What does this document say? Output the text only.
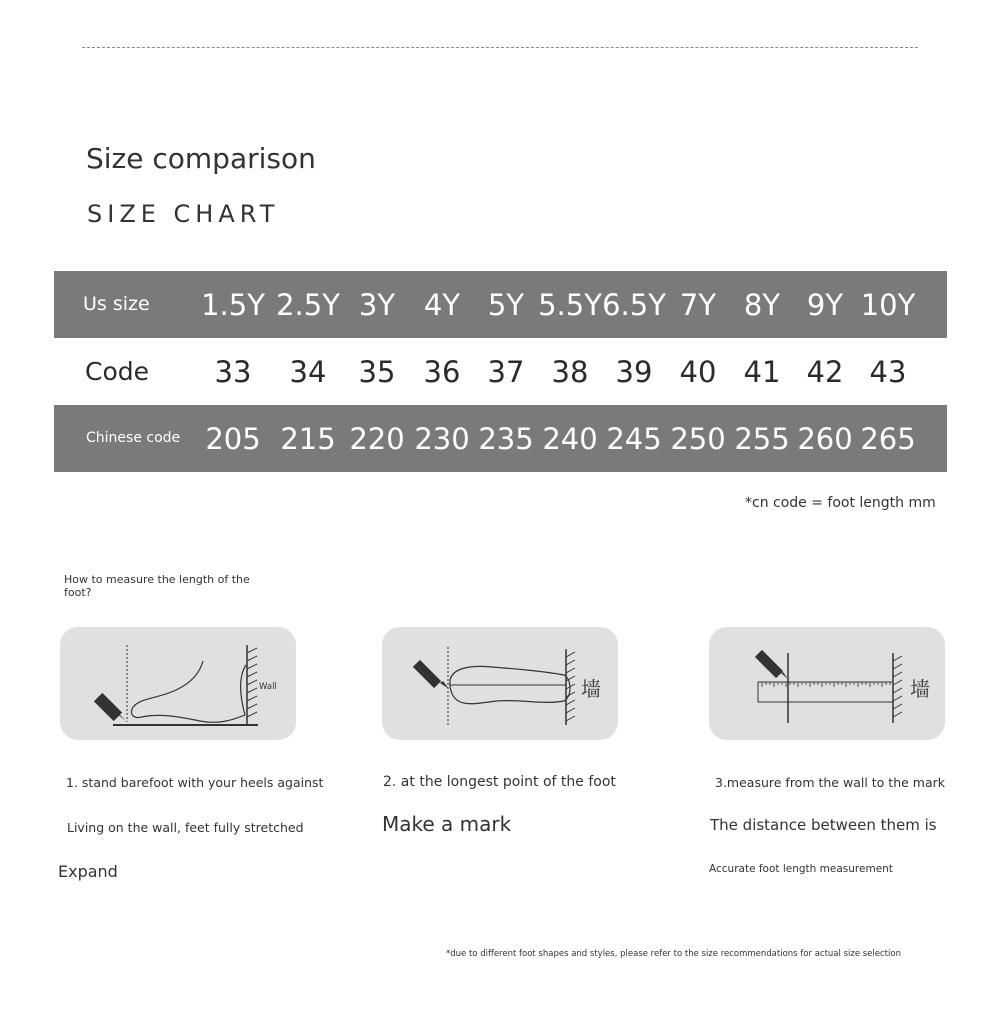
Size comparison
SIZE CHART
Us size 1.5Y 2.5Y 3Y 4Y 5Y 5.5Y 6.5Y 7Y 8Y 9Y 10Y
Code	33	34	35 36 37 38 39 40 41 42 43
Chinese code 205 215 220 230 235 240 245 250 255 260 265
*cn code = foot length mm
How to measure the length of the foot?
Wall	墙	墙
1. stand barefoot with your heels against
Living on the wall, feet fully stretched
Expand
2. at the longest point of the foot
Make a mark
3.measure from the wall to the mark
The distance between them is
Accurate foot length measurement
*due to different foot shapes and styles, please refer to the size recommendations for actual size selection
